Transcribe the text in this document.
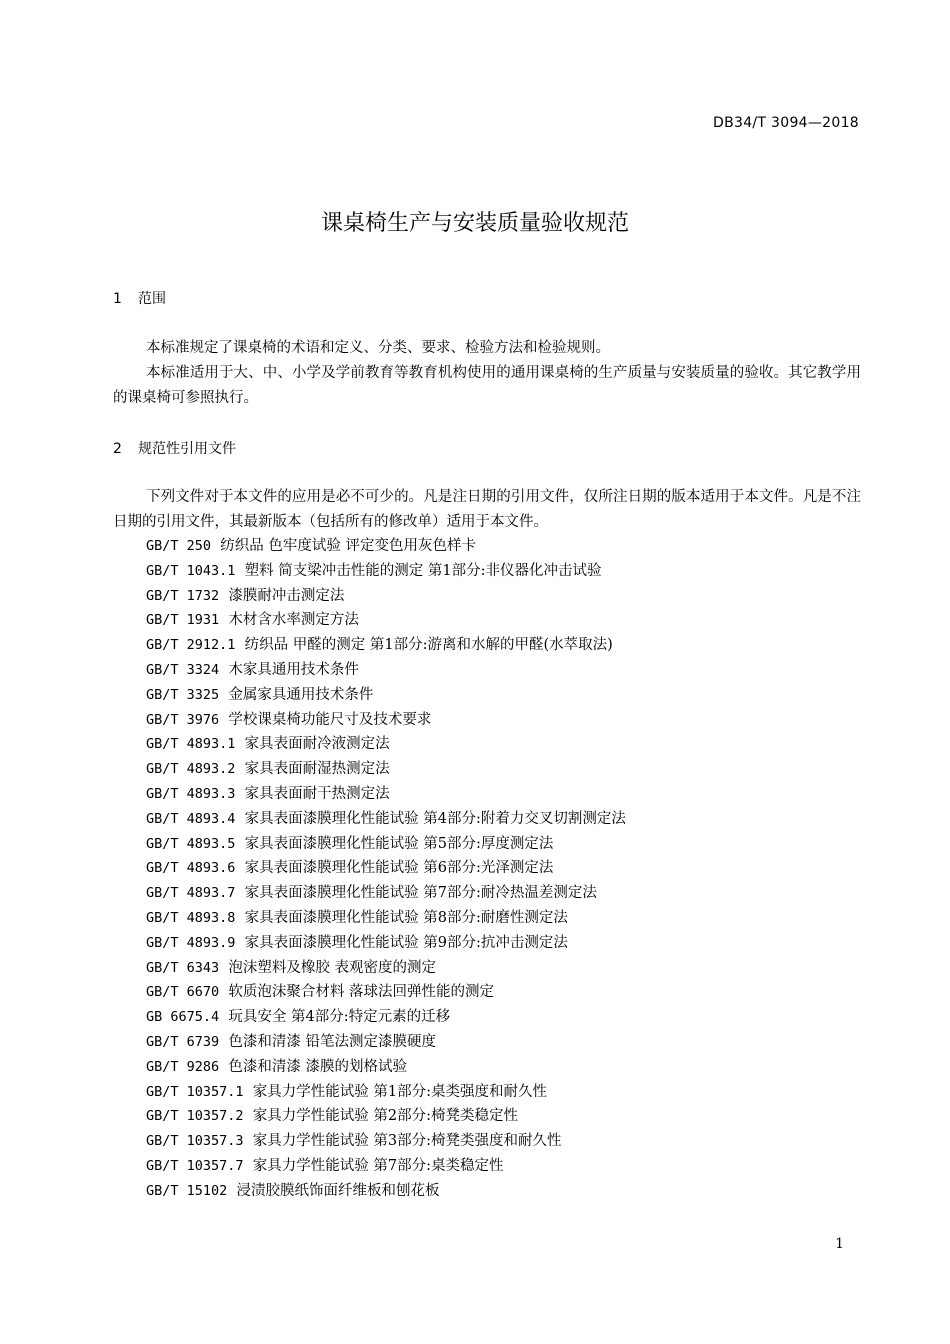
DB34/T 3094—2018
课桌椅生产与安装质量验收规范
1 范围

本标准规定了课桌椅的术语和定义、分类、要求、检验方法和检验规则。

本标准适用于大、中、小学及学前教育等教育机构使用的通用课桌椅的生产质量与安装质量的验收。其它教学用的课桌椅可参照执行。

2 规范性引用文件

下列文件对于本文件的应用是必不可少的。凡是注日期的引用文件，仅所注日期的版本适用于本文件。凡是不注日期的引用文件，其最新版本（包括所有的修改单）适用于本文件。

GB/T 250 纺织品 色牢度试验 评定变色用灰色样卡
GB/T 1043.1 塑料 简支梁冲击性能的测定 第1部分:非仪器化冲击试验
GB/T 1732 漆膜耐冲击测定法
GB/T 1931 木材含水率测定方法
GB/T 2912.1 纺织品 甲醛的测定 第1部分:游离和水解的甲醛(水萃取法)
GB/T 3324 木家具通用技术条件
GB/T 3325 金属家具通用技术条件
GB/T 3976 学校课桌椅功能尺寸及技术要求
GB/T 4893.1 家具表面耐冷液测定法
GB/T 4893.2 家具表面耐湿热测定法
GB/T 4893.3 家具表面耐干热测定法
GB/T 4893.4 家具表面漆膜理化性能试验 第4部分:附着力交叉切割测定法
GB/T 4893.5 家具表面漆膜理化性能试验 第5部分:厚度测定法
GB/T 4893.6 家具表面漆膜理化性能试验 第6部分:光泽测定法
GB/T 4893.7 家具表面漆膜理化性能试验 第7部分:耐冷热温差测定法
GB/T 4893.8 家具表面漆膜理化性能试验 第8部分:耐磨性测定法
GB/T 4893.9 家具表面漆膜理化性能试验 第9部分:抗冲击测定法
GB/T 6343 泡沫塑料及橡胶 表观密度的测定
GB/T 6670 软质泡沫聚合材料 落球法回弹性能的测定
GB 6675.4 玩具安全 第4部分:特定元素的迁移
GB/T 6739 色漆和清漆 铅笔法测定漆膜硬度
GB/T 9286 色漆和清漆 漆膜的划格试验
GB/T 10357.1 家具力学性能试验 第1部分:桌类强度和耐久性
GB/T 10357.2 家具力学性能试验 第2部分:椅凳类稳定性
GB/T 10357.3 家具力学性能试验 第3部分:椅凳类强度和耐久性
GB/T 10357.7 家具力学性能试验 第7部分:桌类稳定性
GB/T 15102 浸渍胶膜纸饰面纤维板和刨花板
1
